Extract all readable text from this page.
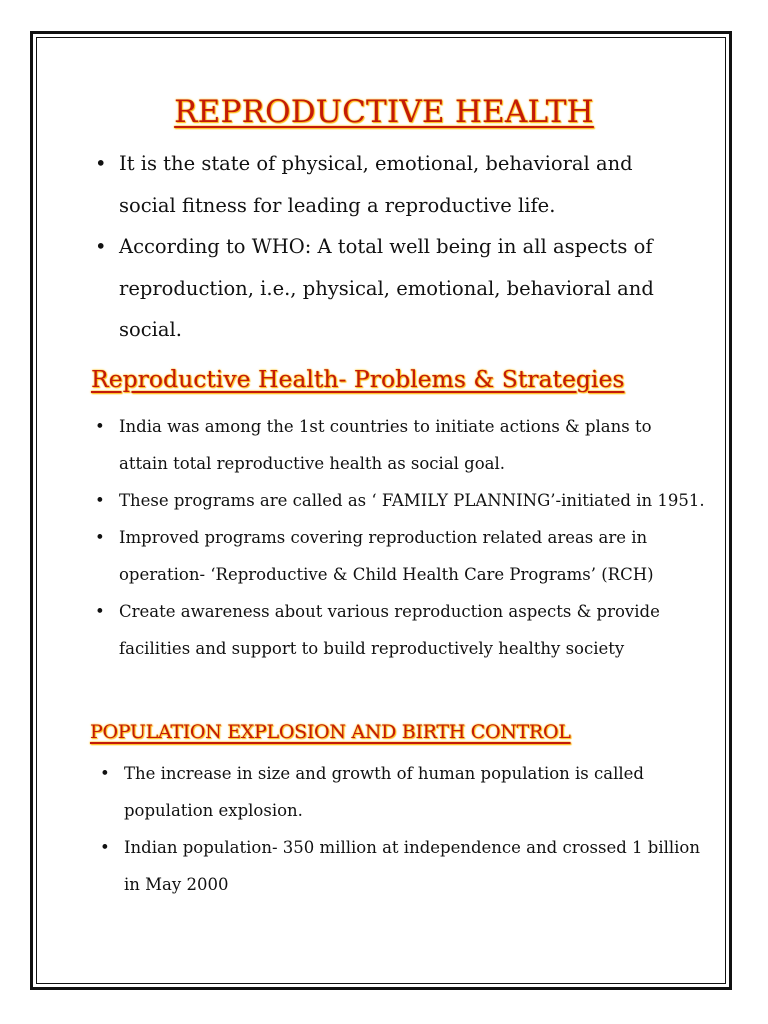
REPRODUCTIVE HEALTH
• It is the state of physical, emotional, behavioral and social fitness for leading a reproductive life.
• According to WHO: A total well being in all aspects of reproduction, i.e., physical, emotional, behavioral and social.
Reproductive Health- Problems & Strategies
• India was among the 1st countries to initiate actions & plans to attain total reproductive health as social goal.
• These programs are called as ‘ FAMILY PLANNING’-initiated in 1951.
• Improved programs covering reproduction related areas are in operation- ‘Reproductive & Child Health Care Programs’ (RCH)
• Create awareness about various reproduction aspects & provide facilities and support to build reproductively healthy society
POPULATION EXPLOSION AND BIRTH CONTROL
• The increase in size and growth of human population is called population explosion.
• Indian population- 350 million at independence and crossed 1 billion in May 2000
